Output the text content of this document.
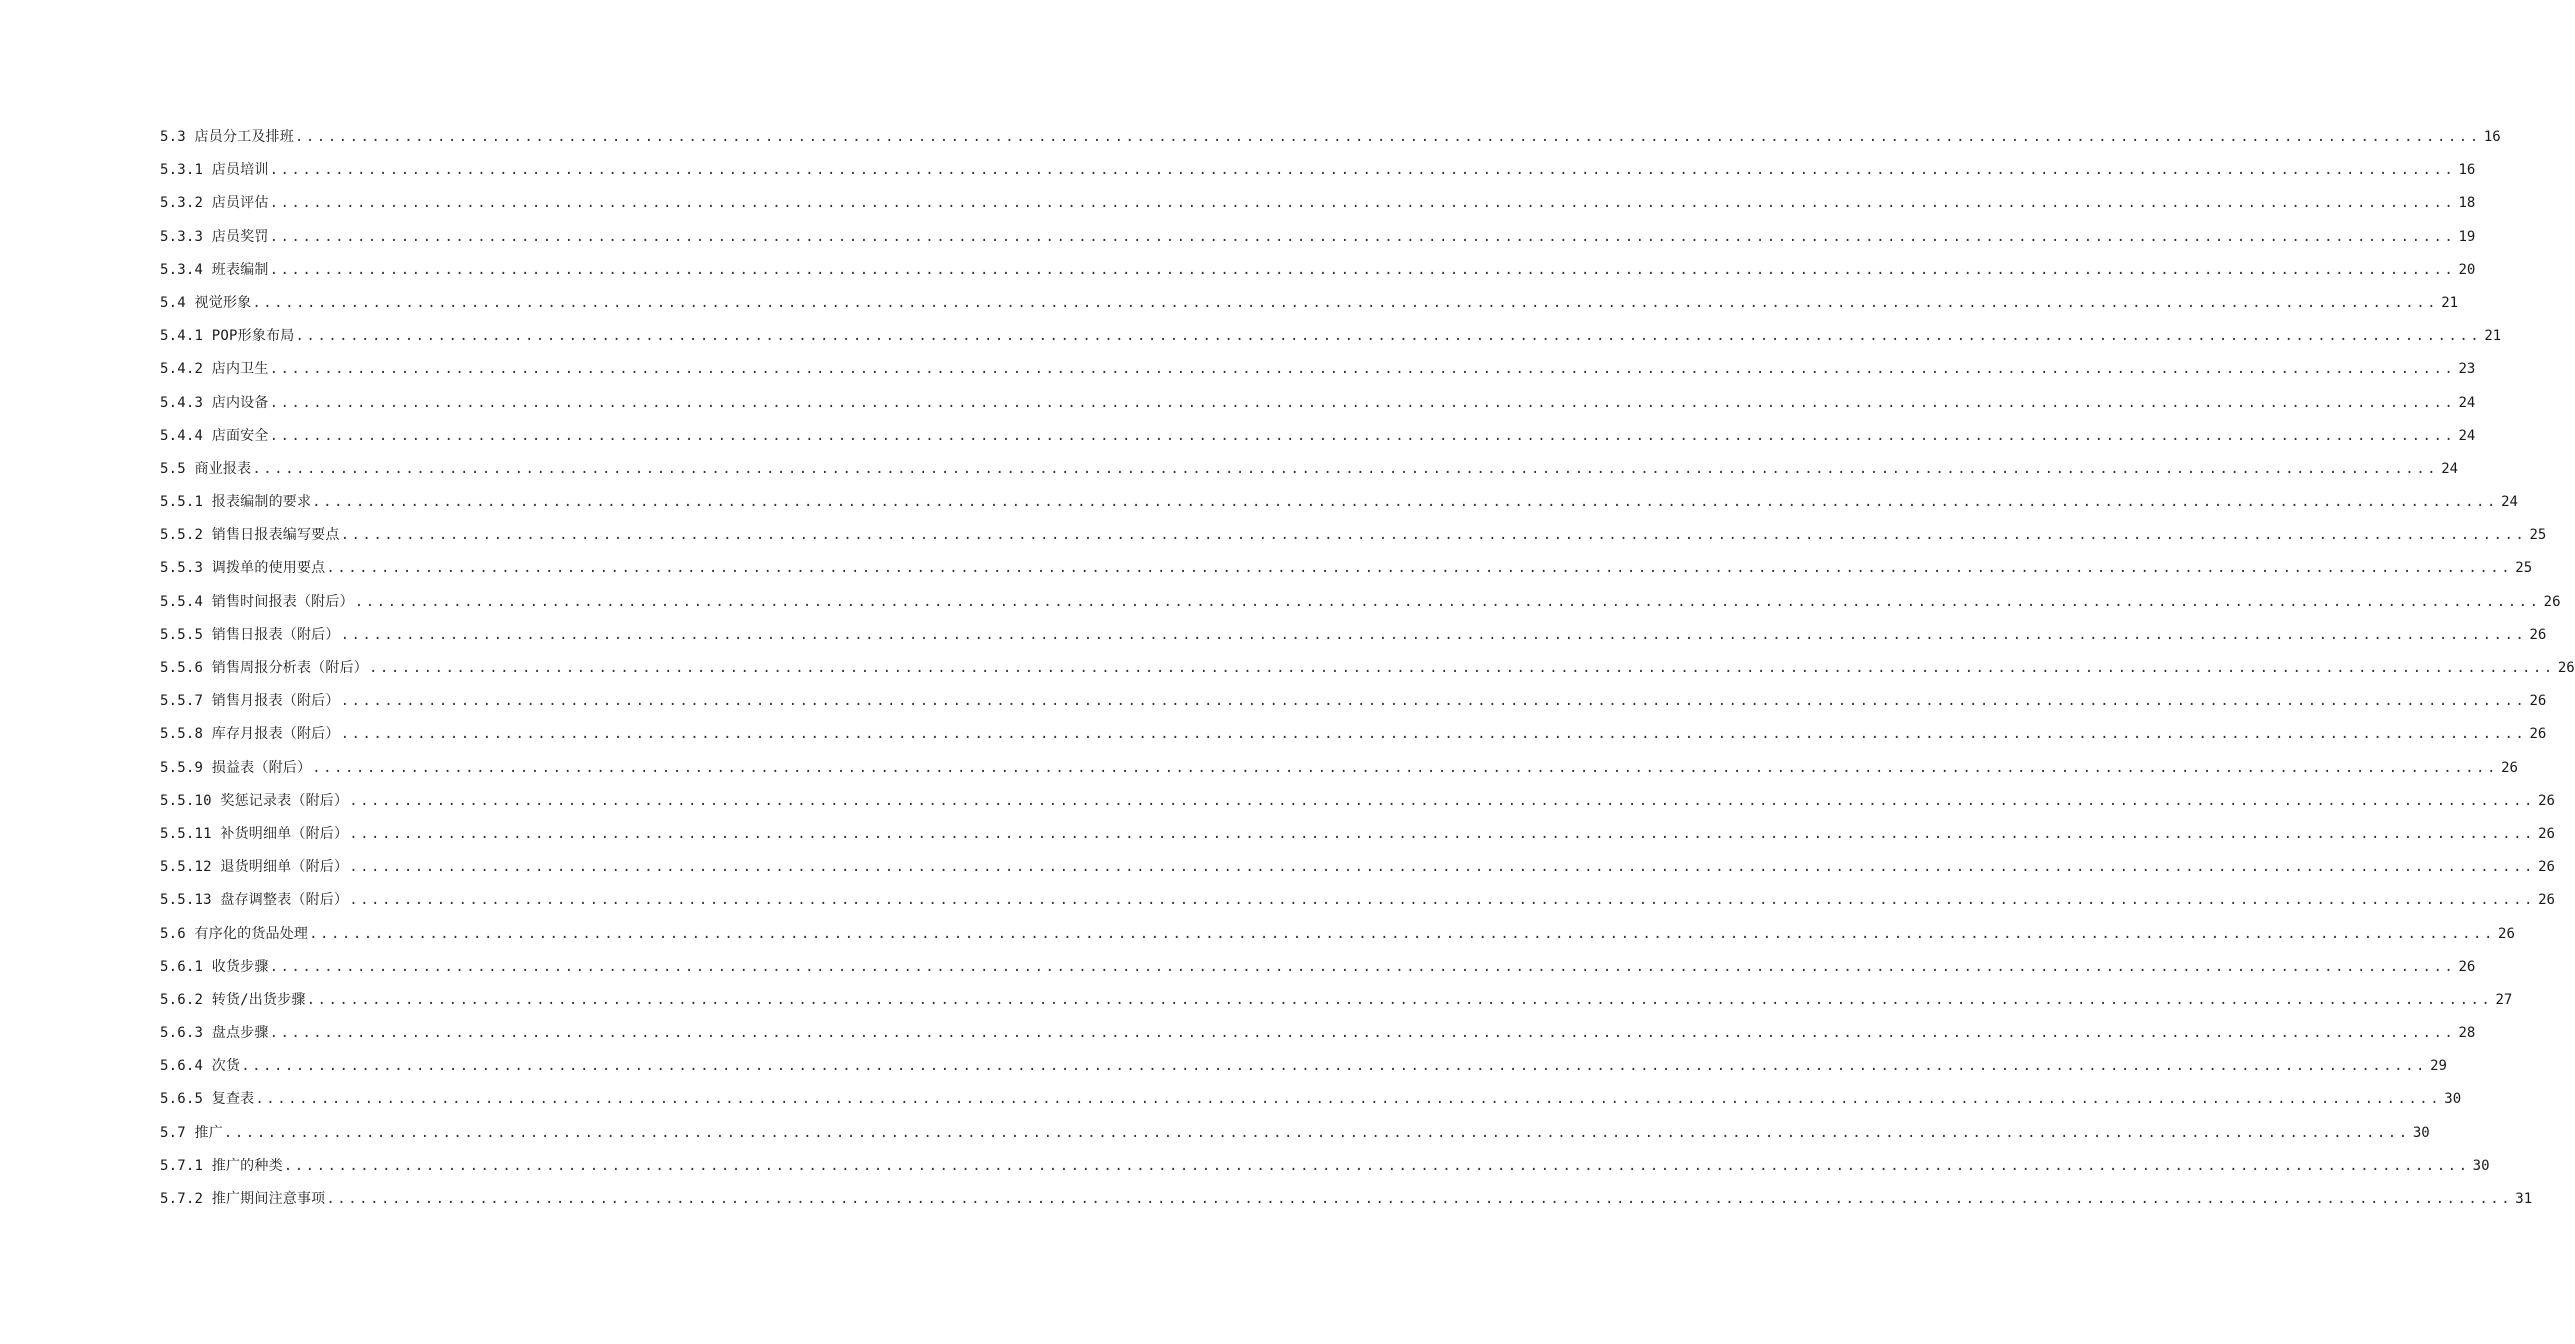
5.3 店员分工及排班 ........................................................................................................................................................................................................ 16
5.3.1 店员培训 ........................................................................................................................................................................................................ 16
5.3.2 店员评估 ........................................................................................................................................................................................................ 18
5.3.3 店员奖罚 ........................................................................................................................................................................................................ 19
5.3.4 班表编制 ........................................................................................................................................................................................................ 20
5.4 视觉形象 ........................................................................................................................................................................................................ 21
5.4.1 POP形象布局 ........................................................................................................................................................................................................ 21
5.4.2 店内卫生 ........................................................................................................................................................................................................ 23
5.4.3 店内设备 ........................................................................................................................................................................................................ 24
5.4.4 店面安全 ........................................................................................................................................................................................................ 24
5.5 商业报表 ........................................................................................................................................................................................................ 24
5.5.1 报表编制的要求 ........................................................................................................................................................................................................ 24
5.5.2 销售日报表编写要点 ........................................................................................................................................................................................................ 25
5.5.3 调拨单的使用要点 ........................................................................................................................................................................................................ 25
5.5.4 销售时间报表（附后） ........................................................................................................................................................................................................ 26
5.5.5 销售日报表（附后） ........................................................................................................................................................................................................ 26
5.5.6 销售周报分析表（附后） ........................................................................................................................................................................................................ 26
5.5.7 销售月报表（附后） ........................................................................................................................................................................................................ 26
5.5.8 库存月报表（附后） ........................................................................................................................................................................................................ 26
5.5.9 损益表（附后） ........................................................................................................................................................................................................ 26
5.5.10 奖惩记录表（附后） ........................................................................................................................................................................................................ 26
5.5.11 补货明细单（附后） ........................................................................................................................................................................................................ 26
5.5.12 退货明细单（附后） ........................................................................................................................................................................................................ 26
5.5.13 盘存调整表（附后） ........................................................................................................................................................................................................ 26
5.6 有序化的货品处理 ........................................................................................................................................................................................................ 26
5.6.1 收货步骤 ........................................................................................................................................................................................................ 26
5.6.2 转货/出货步骤 ........................................................................................................................................................................................................ 27
5.6.3 盘点步骤 ........................................................................................................................................................................................................ 28
5.6.4 次货 ........................................................................................................................................................................................................ 29
5.6.5 复查表 ........................................................................................................................................................................................................ 30
5.7 推广 ........................................................................................................................................................................................................ 30
5.7.1 推广的种类 ........................................................................................................................................................................................................ 30
5.7.2 推广期间注意事项 ........................................................................................................................................................................................................ 31
